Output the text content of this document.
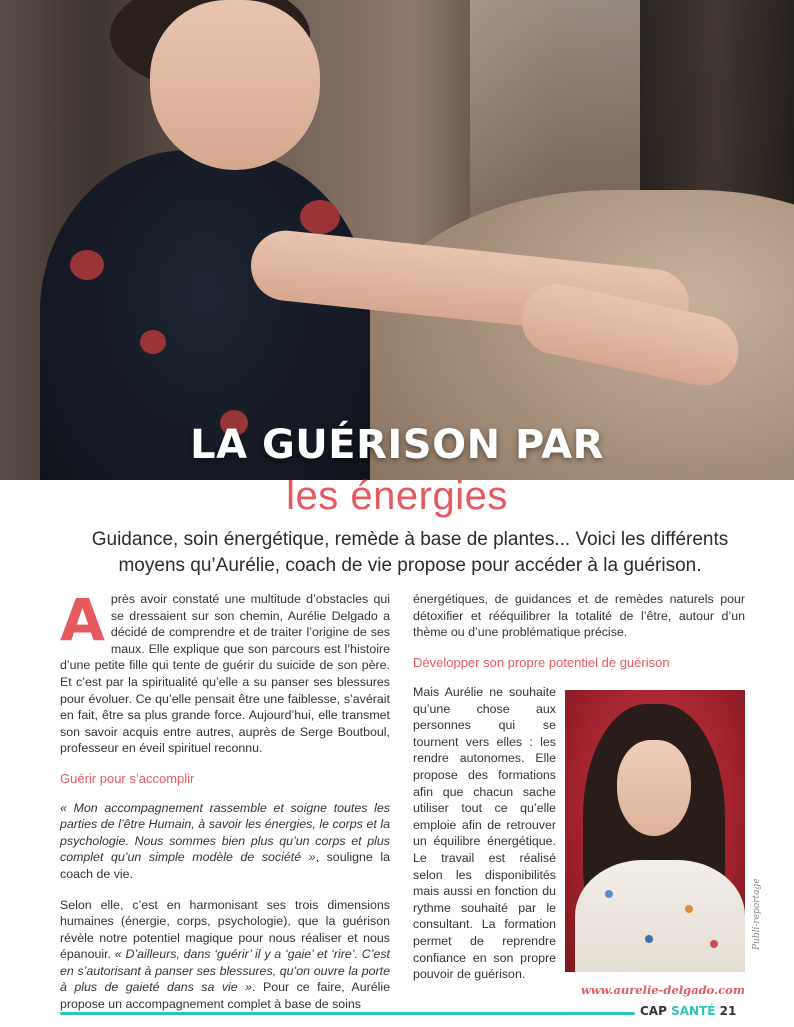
LA GUÉRISON PAR
les énergies
Guidance, soin énergétique, remède à base de plantes... Voici les différents moyens qu’Aurélie, coach de vie propose pour accéder à la guérison.

Après avoir constaté une multitude d’obstacles qui se dressaient sur son chemin, Aurélie Delgado a décidé de comprendre et de traiter l’origine de ses maux. Elle explique que son parcours est l’histoire d’une petite fille qui tente de guérir du suicide de son père. Et c’est par la spiritualité qu’elle a su panser ses blessures pour évoluer. Ce qu’elle pensait être une faiblesse, s’avérait en fait, être sa plus grande force. Aujourd’hui, elle transmet son savoir acquis entre autres, auprès de Serge Boutboul, professeur en éveil spirituel reconnu.

Guérir pour s’accomplir

« Mon accompagnement rassemble et soigne toutes les parties de l’être Humain, à savoir les énergies, le corps et la psychologie. Nous sommes bien plus qu’un corps et plus complet qu’un simple modèle de société », souligne la coach de vie.

Selon elle, c’est en harmonisant ses trois dimensions humaines (énergie, corps, psychologie), que la guérison révèle notre potentiel magique pour nous réaliser et nous épanouir. « D’ailleurs, dans ‘guérir’ il y a ‘gaie’ et ‘rire’. C’est en s’autorisant à panser ses blessures, qu’on ouvre la porte à plus de gaieté dans sa vie ». Pour ce faire, Aurélie propose un accompagnement complet à base de soins

énergétiques, de guidances et de remèdes naturels pour détoxifier et rééquilibrer la totalité de l’être, autour d’un thème ou d’une problématique précise.

Développer son propre potentiel de guérison

Mais Aurélie ne souhaite qu’une chose aux personnes qui se tournent vers elles : les rendre autonomes. Elle propose des formations afin que chacun sache utiliser tout ce qu’elle emploie afin de retrouver un équilibre énergétique. Le travail est réalisé selon les disponibilités mais aussi en fonction du rythme souhaité par le consultant. La formation permet de reprendre confiance en son propre pouvoir de guérison.

www.aurelie-delgado.com
Publi-reportage
CAP SANTÉ 21
